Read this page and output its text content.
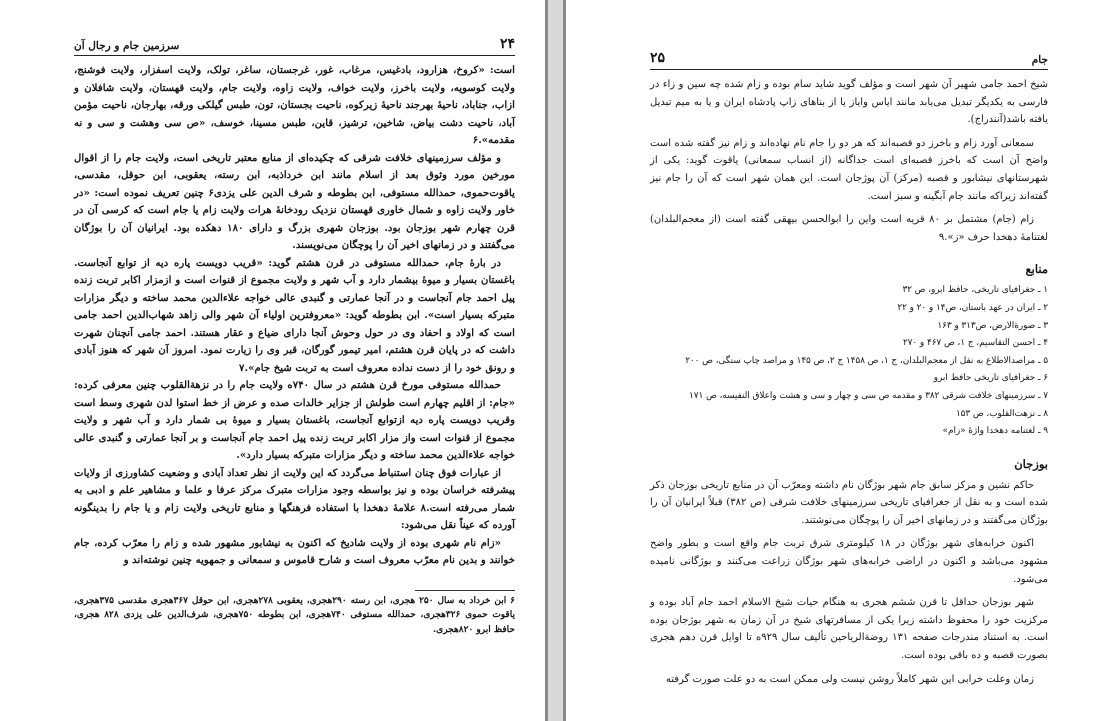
۲۴
سرزمین جام و رجال آن

است: «کروخ، هزارود، بادغیس، مرغاب، غور، غرجستان، ساغر، تولک، ولایت اسفزار، ولایت فوشنج، ولایت کوسویه، ولایت باخرز، ولایت خواف، ولایت زاوه، ولایت جام، ولایت قهستان، ولایت شافلان و ازاب، جناباد، ناحیهٔ بهرجند ناحیهٔ زیرکوه، ناحیت بجستان، تون، طبس گیلکی ورقه، بهارجان، ناحیت مؤمن آباد، ناحیت دشت بیاض، شاخین، ترشیز، قاین، طبس مسینا، خوسف، «ص سی وهشت و سی و نه مقدمه».۶

و مؤلف سرزمینهای خلافت شرقی که چکیده‌ای از منابع معتبر تاریخی است، ولایت جام را از اقوال مورخین مورد وثوق بعد از اسلام مانند ابن خرداذبه، ابن رسته، یعقوبی، ابن حوقل، مقدسی، یاقوت‌حموی، حمدالله مستوفی، ابن بطوطه و شرف الدین علی یزدی۶ چنین تعریف نموده است: «در خاور ولایت زاوه و شمال خاوری قهستان نزدیک رودخانهٔ هرات ولایت زام یا جام است که کرسی آن در قرن چهارم شهر بوزجان بود. بوزجان شهری بزرگ و دارای ۱۸۰ دهکده بود. ایرانیان آن را بوژگان می‌گفتند و در زمانهای اخیر آن را پوچگان می‌نویسند.

در بارهٔ جام، حمدالله مستوفی در قرن هشتم گوید: «قریب دویست پاره دیه از توابع آنجاست. باغستان بسیار و میوهٔ بیشمار دارد و آب شهر و ولایت مجموع از قنوات است و ازمزار اکابر تربت زنده پیل احمد جام آنجاست و در آنجا عمارتی و گنبدی عالی خواجه علاءالدین محمد ساخته و دیگر مزارات متبرکه بسیار است». ابن بطوطه گوید: «معروفترین اولیاء آن شهر والی زاهد شهاب‌الدین احمد جامی است که اولاد و احفاد وی در حول وحوش آنجا دارای ضیاع و عقار هستند. احمد جامی آنچنان شهرت داشت که در پایان قرن هشتم، امیر تیمور گورگان، قبر وی را زیارت نمود. امروز آن شهر که هنوز آبادی و رونق خود را از دست نداده معروف است به تربت شیخ جام».۷

حمدالله مستوفی مورخ قرن هشتم در سال ۷۴۰ه ولایت جام را در نزهةالقلوب چنین معرفی کرده: «جام: از اقلیم چهارم است طولش از جزایر خالدات صده و عرض از خط استوا لدن شهری وسط است وقریب دویست پاره دیه ازتوابع آنجاست، باغستان بسیار و میوهٔ بی شمار دارد و آب شهر و ولایت مجموع از قنوات است واز مزار اکابر تربت زنده پیل احمد جام آنجاست و بر آنجا عمارتی و گنبدی عالی خواجه علاءالدین محمد ساخته و دیگر مزارات متبرکه بسیار دارد».

از عبارات فوق چنان استنباط می‌گردد که این ولایت از نظر تعداد آبادی و وضعیت کشاورزی از ولایات پیشرفته خراسان بوده و نیز بواسطه وجود مزارات متبرک مرکز عرفا و علما و مشاهیر علم و ادبی به شمار می‌رفته است.۸ علامهٔ دهخدا با استفاده فرهنگها و منابع تاریخی ولایت زام و یا جام را بدینگونه آورده که عیناً نقل می‌شود:

«زام نام شهری بوده از ولایت شادیخ که اکنون به نیشابور مشهور شده و زام را معرّب کرده، جام خوانند و بدین نام معرّب معروف است و شارح قاموس و سمعانی و جمهویه چنین نوشته‌اند و

۶ ابن خرداد به سال ۲۵۰ هجری، ابن رسته ۲۹۰هجری، یعقوبی ۲۷۸هجری، ابن حوقل ۳۶۷هجری مقدسی ۳۷۵هجری، یاقوت حموی ۳۲۶هجری، حمدالله مستوفی ۷۴۰هجری، ابن بطوطه ۷۵۰هجری، شرف‌الدین علی یزدی ۸۲۸ هجری، حافظ ابرو ۸۲۰هجری.

جام
۲۵

شیخ احمد جامی شهیر آن شهر است و مؤلف گوید شاید سام بوده و زام شده چه سین و زاء در فارسی به یکدیگر تبدیل می‌یابد مانند ایاس وایاز یا از بناهای زاپ پادشاه ایران و یا به میم تبدیل یافته باشد(آنندراج).

سمعانی آورد زام و باخرز دو قصبه‌اند که هر دو را جام نام نهاده‌اند و زام نیز گفته شده است واضح آن است که باخرز قصبه‌ای است جداگانه (از انساب سمعانی) یاقوت گوید: یکی از شهرستانهای نیشابور و قصبه (مرکز) آن پوژجان است. این همان شهر است که آن را جام نیز گفته‌اند زیراکه مانند جام آبگینه و سبز است.

زام (جام) مشتمل بر ۸۰ قریه است واین را ابوالحسن بیهقی گفته است (از معجم‌البلدان) لغتنامهٔ دهخدا حرف «ز».۹

منابع
۱ ـ جغرافیای تاریخی، حافظ ابرو، ص ۳۲
۲ ـ ایران در عهد باستان، ص۱۴ و ۲۰ و ۲۲
۳ ـ صورةالارض، ص۳۱۳ و ۱۶۳
۴ ـ احسن التقاسیم، ج ۱، ص ۴۶۷ و ۲۷۰
۵ ـ مراصدالاطلاع به نقل از معجم‌البلدان، ج ۱، ص ۱۴۵۸ ج ۲، ص ۱۴۵ و مراصد چاپ سنگی، ص ۲۰۰
۶ ـ جغرافیای تاریخی حافظ ابرو
۷ ـ سرزمینهای خلافت شرقی ۳۸۲ و مقدمه ص سی و چهار و سی و هشت واعلاق النفیسه، ص ۱۷۱
۸ ـ نزهت‌القلوب، ص ۱۵۳
۹ ـ لغتنامه دهخدا واژهٔ «زام»
بوزجان

حاکم نشین و مرکز سابق جام شهر بوژگان نام داشته ومعرّب آن در منابع تاریخی بوزجان ذکر شده است و به نقل از جغرافیای تاریخی سرزمینهای خلافت شرقی (ص ۳۸۲) قبلاً ایرانیان آن را بوژگان می‌گفتند و در زمانهای اخیر آن را پوچگان می‌نوشتند.

اکنون خرابه‌های شهر بوژگان در ۱۸ کیلومتری شرق تربت جام واقع است و بطور واضح مشهود می‌باشد و اکنون در اراضی خرابه‌های شهر بوژگان زراعت می‌کنند و بوژگانی نامیده می‌شود.

شهر بوزجان حداقل تا قرن ششم هجری به هنگام حیات شیخ الاسلام احمد جام آباد بوده و مرکزیت خود را محفوظ داشته زیرا یکی از مسافرتهای شیخ در آن زمان به شهر بوژجان بوده است. به استناد مندرجات صفحه ۱۳۱ روضةالریاحین تألیف سال ۹۲۹ه تا اوایل قرن دهم هجری بصورت قصبه و ده باقی بوده است.

زمان وعلت خرابی این شهر کاملاً روشن نیست ولی ممکن است به دو علت صورت گرفته
